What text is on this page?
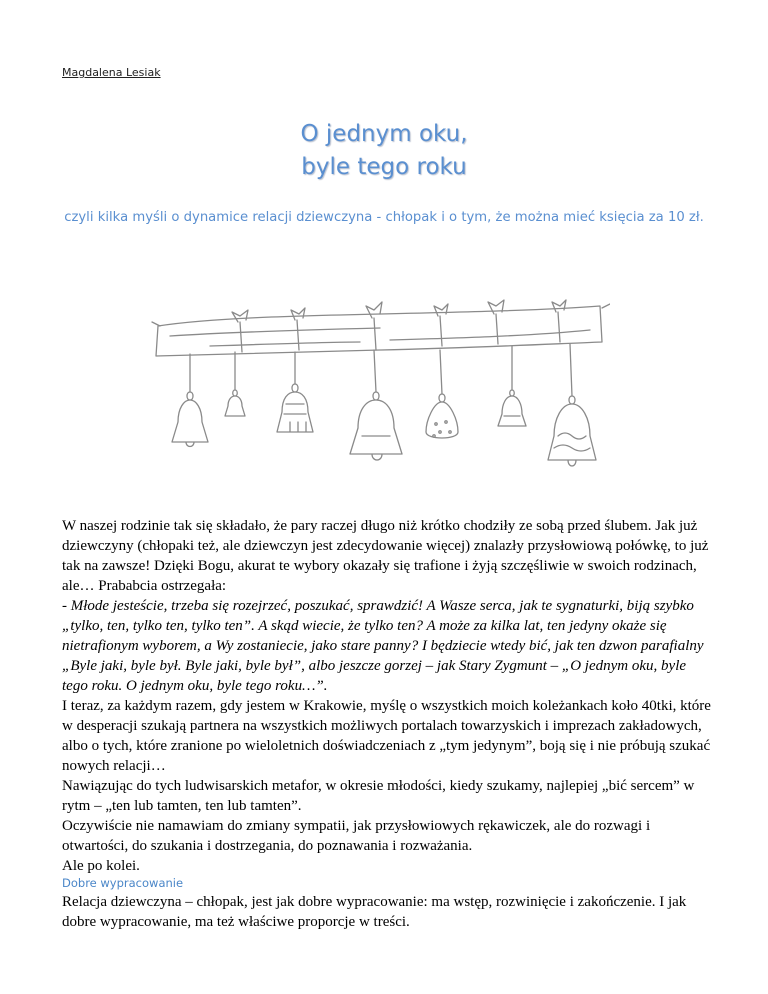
Magdalena Lesiak
O jednym oku,
byle tego roku
czyli kilka myśli o dynamice relacji dziewczyna - chłopak i o tym, że można mieć księcia za 10 zł.

W naszej rodzinie tak się składało, że pary raczej długo niż krótko chodziły ze sobą przed ślubem. Jak już dziewczyny (chłopaki też, ale dziewczyn jest zdecydowanie więcej) znalazły przysłowiową połówkę, to już tak na zawsze! Dzięki Bogu, akurat te wybory okazały się trafione i żyją szczęśliwie w swoich rodzinach, ale… Prababcia ostrzegała:

- Młode jesteście, trzeba się rozejrzeć, poszukać, sprawdzić! A Wasze serca, jak te sygnaturki, biją szybko „tylko, ten, tylko ten, tylko ten”. A skąd wiecie, że tylko ten? A może za kilka lat, ten jedyny okaże się nietrafionym wyborem, a Wy zostaniecie, jako stare panny? I będziecie wtedy bić, jak ten dzwon parafialny „Byle jaki, byle był. Byle jaki, byle był”, albo jeszcze gorzej – jak Stary Zygmunt – „O jednym oku, byle tego roku. O jednym oku, byle tego roku…”.

I teraz, za każdym razem, gdy jestem w Krakowie, myślę o wszystkich moich koleżankach koło 40tki, które w desperacji szukają partnera na wszystkich możliwych portalach towarzyskich i imprezach zakładowych, albo o tych, które zranione po wieloletnich doświadczeniach z „tym jedynym”, boją się i nie próbują szukać nowych relacji…

Nawiązując do tych ludwisarskich metafor, w okresie młodości, kiedy szukamy, najlepiej „bić sercem” w rytm – „ten lub tamten, ten lub tamten”.

Oczywiście nie namawiam do zmiany sympatii, jak przysłowiowych rękawiczek, ale do rozwagi i otwartości, do szukania i dostrzegania, do poznawania i rozważania.

Ale po kolei.

Dobre wypracowanie

Relacja dziewczyna – chłopak, jest jak dobre wypracowanie: ma wstęp, rozwinięcie i zakończenie. I jak dobre wypracowanie, ma też właściwe proporcje w treści.
